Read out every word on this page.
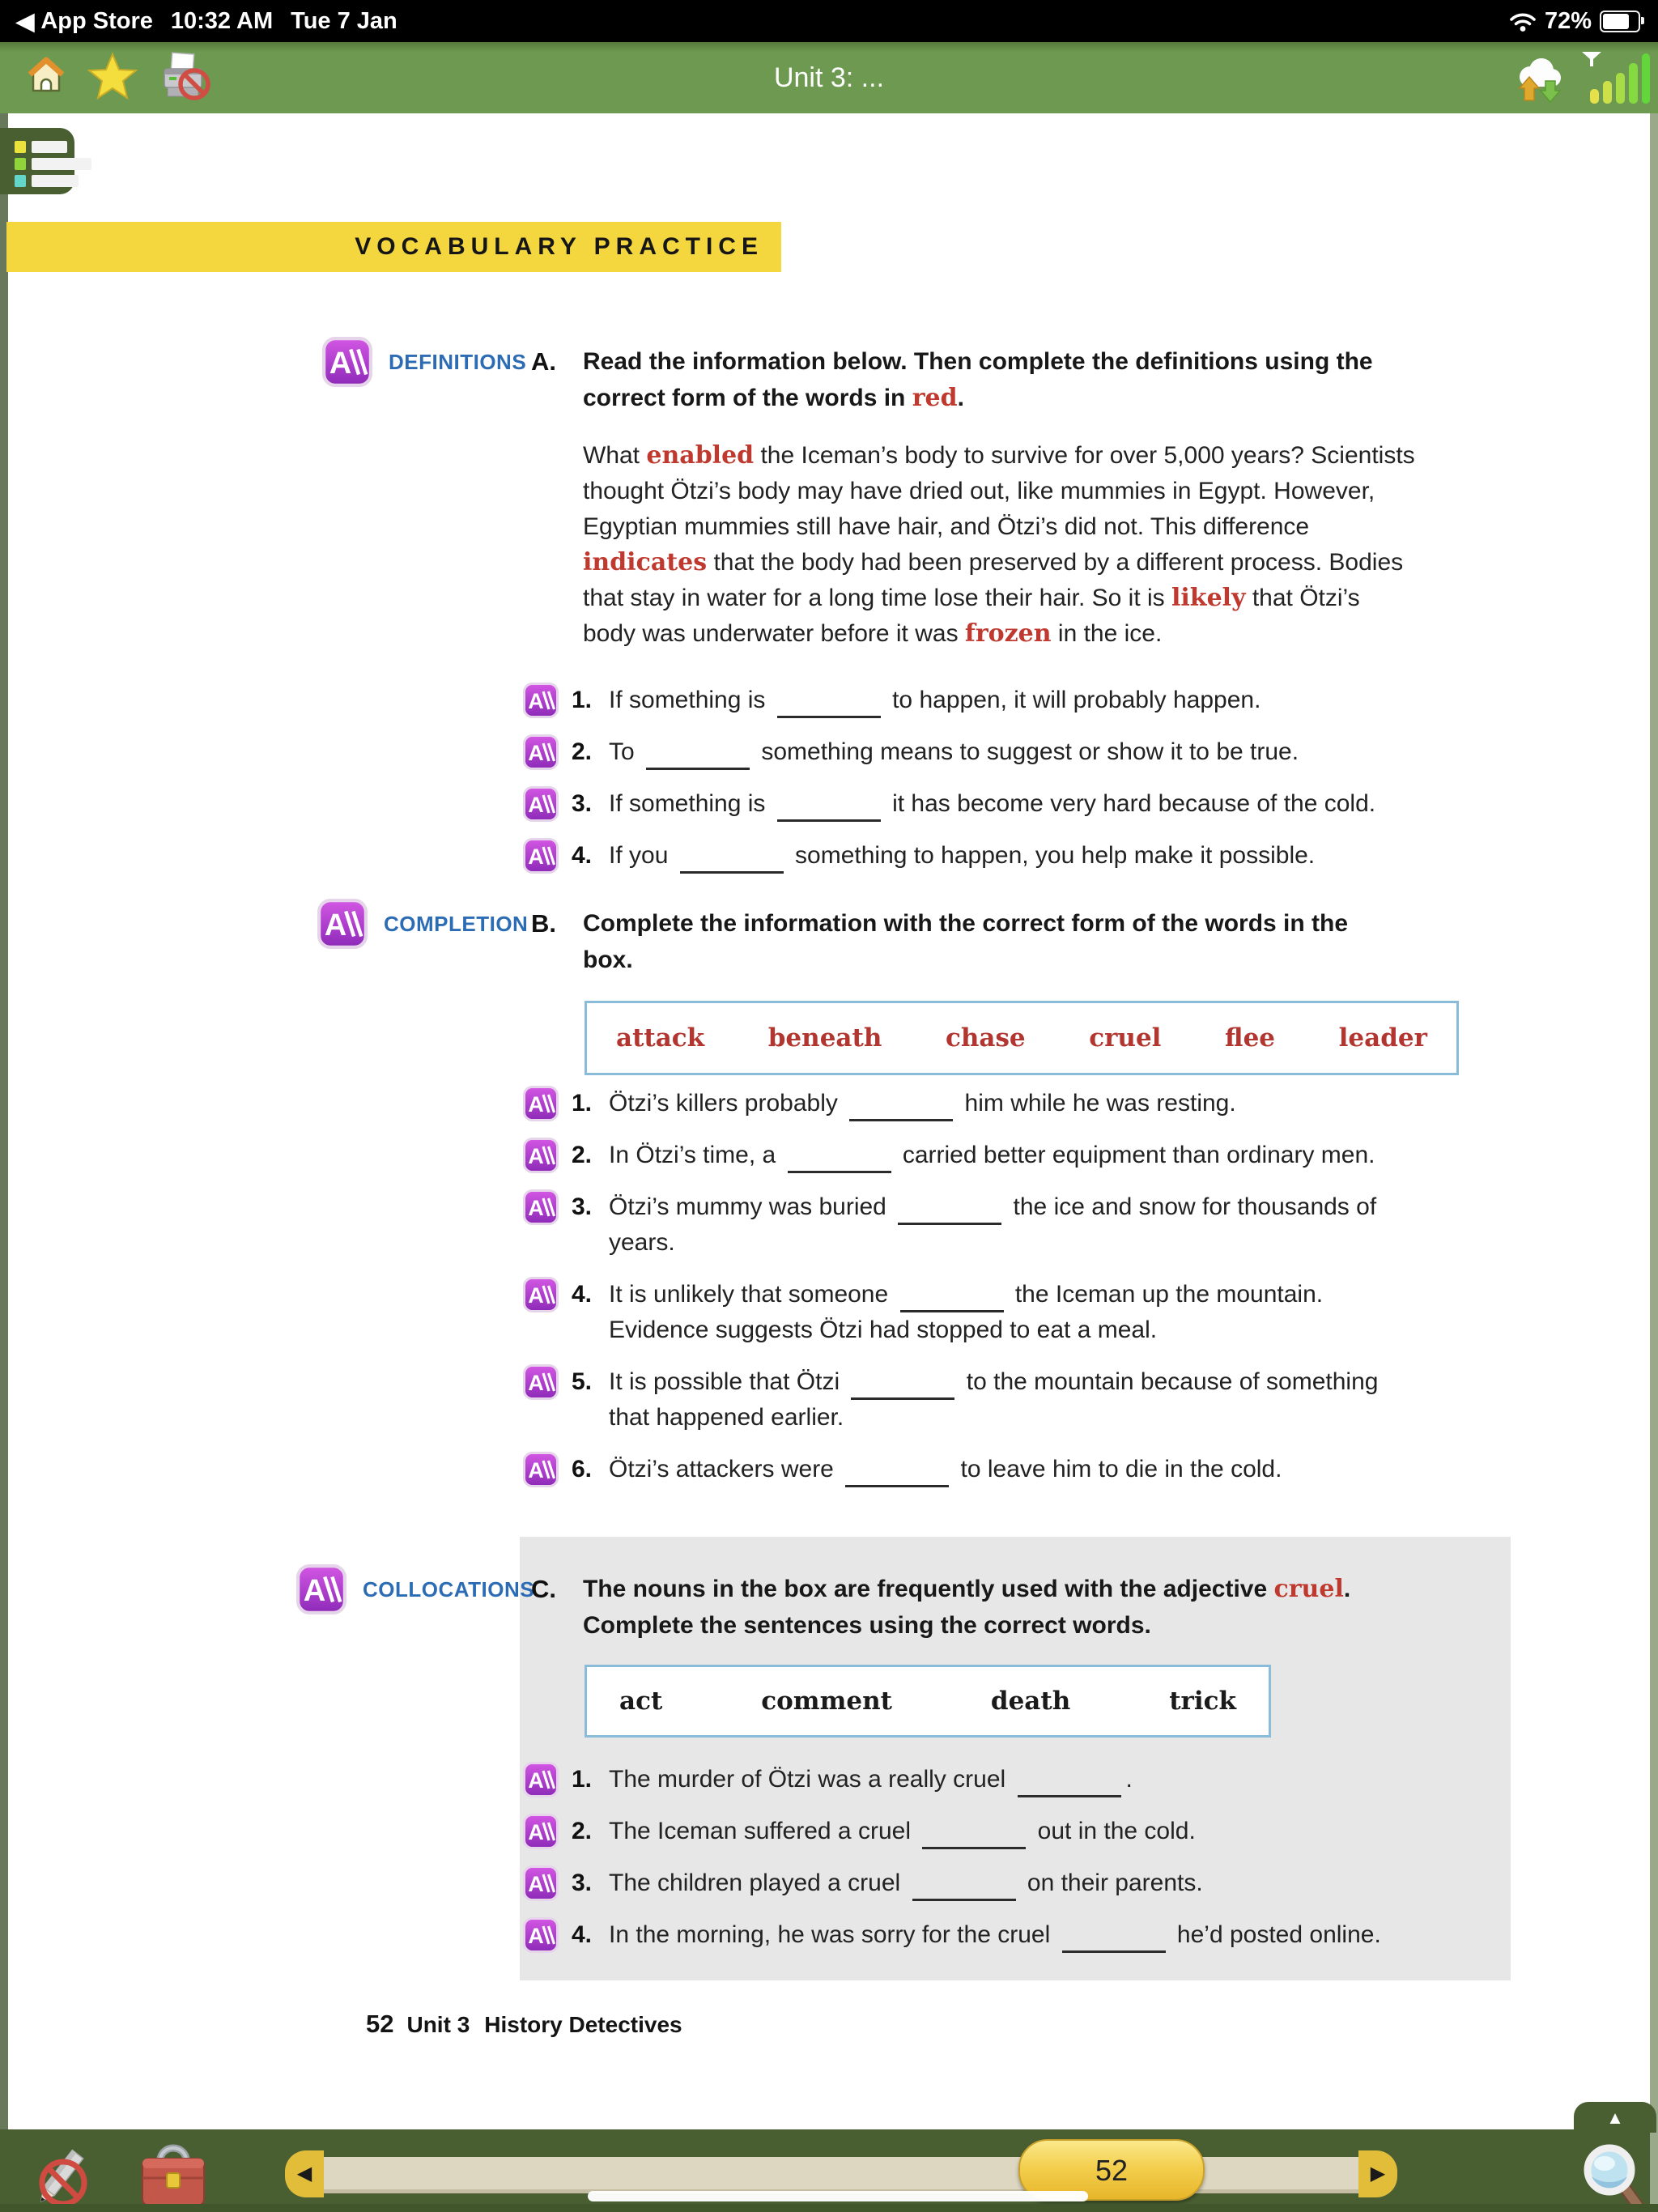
◀ App Store 10:32 AM Tue 7 Jan	72%
Unit 3: ...
VOCABULARY PRACTICE
A DEFINITIONS A. Read the information below. Then complete the definitions using the
correct form of the words in red.
What enabled the Iceman’s body to survive for over 5,000 years? Scientists
thought Ötzi’s body may have dried out, like mummies in Egypt. However,
Egyptian mummies still have hair, and Ötzi’s did not. This difference
indicates that the body had been preserved by a different process. Bodies
that stay in water for a long time lose their hair. So it is likely that Ötzi’s
body was underwater before it was frozen in the ice.
A 1. If something is	to happen, it will probably happen.
A 2. To	something means to suggest or show it to be true.
A 3. If something is	it has become very hard because of the cold.
A 4. If you	something to happen, you help make it possible.
A COMPLETION B. Complete the information with the correct form of the words in the
box.
attack	beneath	chase	cruel	flee	leader
A 1. Ötzi’s killers probably	him while he was resting.
A 2. In Ötzi’s time, a	carried better equipment than ordinary men.
A 3. Ötzi’s mummy was buried	the ice and snow for thousands of
years.
A 4. It is unlikely that someone	the Iceman up the mountain.
Evidence suggests Ötzi had stopped to eat a meal.
A 5. It is possible that Ötzi	to the mountain because of something
that happened earlier.
A 6. Ötzi’s attackers were	to leave him to die in the cold.
A COLLOCATIONS
C. The nouns in the box are frequently used with the adjective cruel.
Complete the sentences using the correct words.
act	comment	death	trick
A 1. The murder of Ötzi was a really cruel	.
A 2. The Iceman suffered a cruel	out in the cold.
A 3. The children played a cruel	on their parents.
A 4. In the morning, he was sorry for the cruel	he’d posted online.
52 Unit 3 History Detectives
▲
◀	▶
52
